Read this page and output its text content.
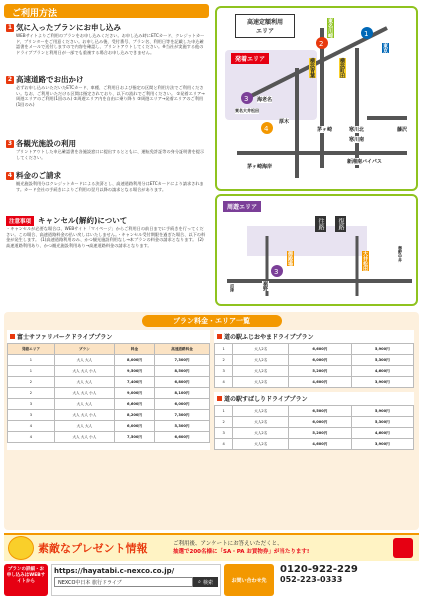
ご利用方法
1 気に入ったプランにお申し込み
WEBサイトよりご利用のプランをお申し込みください。お申し込み時にETCカード、クレジットカード、プリンターをご用意ください。お申し込み後、受付番号、プラン名、利用日等を記載した申込確認書をメールで送付しますので内容を確認し、プリントアウトしてください。※当社が実施する他のドライブプランと利用日が一部でも重複する場合お申し込みできません。
2 高速道路でお出かけ
必ずお申し込みいただいたETCカード、車種、ご利用日および指定の区間と利用方法でご利用ください。なお、ご利用いただける区間は指定されており、以下の流れでご利用ください。 ①発着エリア→周遊エリアのご利用(1回のみ) ②周遊エリア内を自由に乗り降り ③周遊エリア→発着エリアのご利用(1回のみ)
3 各観光施設の利用
プリントアウトした申込確認書を各施設窓口に提出するとともに、運転免許証等の身分証明書を提示してください。
4 料金のご請求
観光施設利用分はクレジットカードによる決済とし、高速道路利用分はETCカードにより請求されます。カード会社の手続きによりご利用の翌月以降の請求となる場合があります。
注意事項 キャンセル(解約)について
・キャンセルが必要な場合は、WEBサイト「マイページ」からご利用日の前日までに手続きを行ってください。この場合、高速道路料金の払い戻しはいたしません。・キャンセル受付期限を過ぎた場合、以下の料金が発生します。 (1)高速道路利用のみ、かつ観光施設利用なし→本プランの料金の請求となります。 (2)高速道路利用あり、かつ観光施設利用あり→高速道路料金の請求となります。
高速定額利用
エリア
3
2
1
4
発着エリア
東名川崎
東京
横浜青葉	横浜町田
海老名
東名大井松田
厚木
茅ヶ崎	寒川北
寒川南
藤沢
茅ヶ崎海岸
新湘南バイパス
周遊エリア
3
往路	復路
御殿場
裾野
大井松田	秦野中井
沼津
プラン料金・エリア一覧
富士サファリパークドライブプラン
発着エリア	プラン	料金	高速道路料金
1	大人 大人	8,000円	7,300円
1	大人 大人 小人	9,500円	8,500円
2	大人 大人	7,400円	6,800円
2	大人 大人 小人	9,000円	8,100円
3	大人 大人	6,600円	6,000円
3	大人 大人 小人	8,200円	7,300円
4	大人 大人	6,000円	5,300円
4	大人 大人 小人	7,500円	6,600円
道の駅ふじおやまドライブプラン
1	大人2名	6,600円	5,900円
2	大人2名	6,000円	5,300円
3	大人2名	5,200円	4,600円
4	大人2名	4,600円	3,900円
道の駅すばしりドライブプラン
1	大人2名	6,500円	5,900円
2	大人2名	6,000円	5,300円
3	大人2名	5,200円	4,600円
4	大人2名	4,600円	3,900円
素敵なプレゼント情報	ご利用後、アンケートにお答えいただくと、
抽選で200名様に「SA・PA お買物券」が当たります!
プランの詳細・お申し込みはWEBサイトから
https://hayatabi.c-nexco.co.jp/
NEXCO中日本 旅行ドライブ	⌕ 検索	お問い合わせ先
0120-922-229
052-223-0333
